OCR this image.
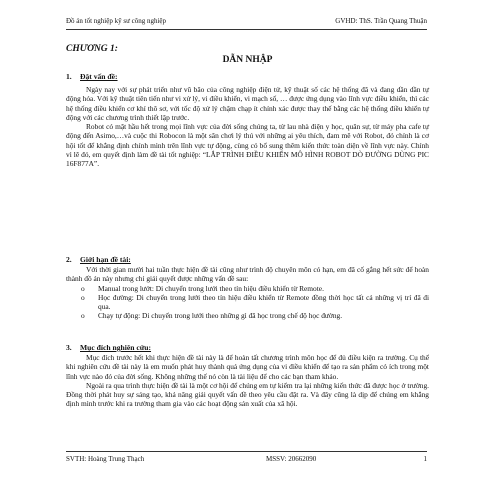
Đồ án tốt nghiệp kỹ sư công nghiệp	GVHD: ThS. Trần Quang Thuận
CHƯƠNG 1:
DẪN NHẬP
1. Đặt vấn đề:

Ngày nay với sự phát triển như vũ bão của công nghiệp điện tử, kỹ thuật số các hệ thống đã và đang dần dần tự động hóa. Với kỹ thuật tiên tiến như vi xử lý, vi điều khiển, vi mạch số, … được ứng dụng vào lĩnh vực điều khiển, thì các hệ thống điều khiển cơ khí thô sơ, với tốc độ xử lý chậm chạp ít chính xác được thay thế bằng các hệ thống điều khiển tự động với các chương trình thiết lập trước.

Robot có mặt hầu hết trong mọi lĩnh vực của đời sống chúng ta, từ lau nhà điện y học, quân sự, từ máy pha cafe tự động đến Asimo,…và cuộc thi Robocon là một sân chơi lý thú với những ai yêu thích, đam mê với Robot, đó chính là cơ hội tốt để khẳng định chính mình trên lĩnh vực tự động, cùng có bổ sung thêm kiến thức toàn diện về lĩnh vực này. Chính vì lẽ đó, em quyết định làm đề tài tốt nghiệp: “LẮP TRÌNH ĐIỀU KHIỂN MÔ HÌNH ROBOT DÒ ĐƯỜNG DÙNG PIC 16F877A”.

2. Giới hạn đề tài:

Với thời gian mười hai tuần thực hiện đề tài cũng như trình độ chuyên môn có hạn, em đã cố gắng hết sức để hoàn thành đồ án này nhưng chỉ giải quyết được những vấn đề sau:

o Manual trong lướt: Di chuyển trong lưới theo tín hiệu điều khiển từ Remote.
o Học đường: Di chuyển trong lưới theo tín hiệu điều khiển từ Remote đồng thời học tất cả những vị trí đã đi qua.
o Chạy tự động: Di chuyển trong lưới theo những gì đã học trong chế độ học đường.
3. Mục đích nghiên cứu:

Mục đích trước hết khi thực hiện đề tài này là để hoàn tất chương trình môn học để đủ điều kiện ra trường. Cụ thể khi nghiên cứu đề tài này là em muốn phát huy thành quả ứng dụng của vi điều khiển để tạo ra sản phẩm có ích trong một lĩnh vực nào đó của đời sống. Không những thế nó còn là tài liệu để cho các bạn tham khảo.

Ngoài ra qua trình thực hiện đề tài là một cơ hội để chúng em tự kiểm tra lại những kiến thức đã được học ở trường. Đồng thời phát huy sự sáng tạo, khả năng giải quyết vấn đề theo yêu cầu đặt ra. Và đây cũng là dịp để chúng em khẳng định mình trước khi ra trường tham gia vào các hoạt động sản xuất của xã hội.

SVTH: Hoàng Trung Thạch	MSSV: 20662090	1
